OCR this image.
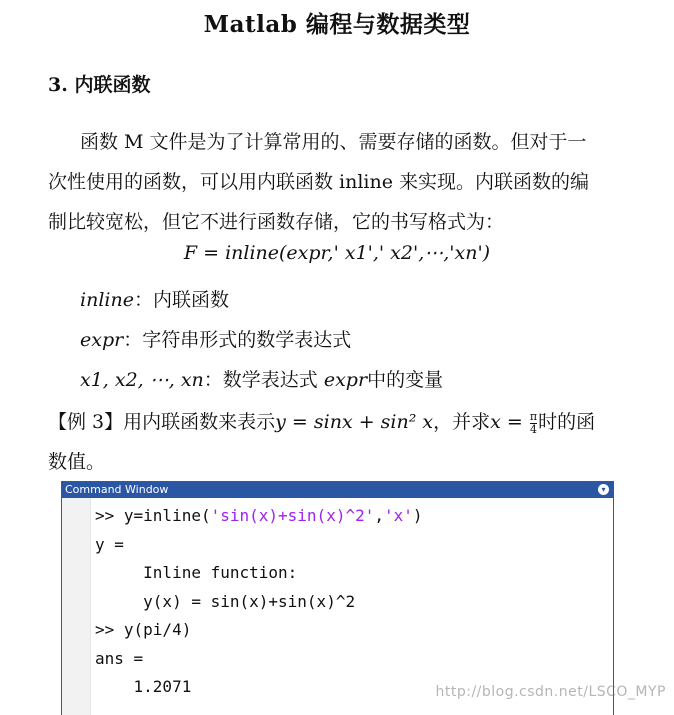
Matlab 编程与数据类型
3. 内联函数
函数 M 文件是为了计算常用的、需要存储的函数。但对于一
次性使用的函数，可以用内联函数 inline 来实现。内联函数的编
制比较宽松，但它不进行函数存储，它的书写格式为：
F = inline(expr,' x1',' x2',⋯,'xn')
inline：内联函数
expr：字符串形式的数学表达式
x1, x2, ⋯, xn：数学表达式 expr中的变量
【例 3】用内联函数来表示y = sinx + sin² x，并求$x = \frac{\pi}{4}$ 时的函
数值。
Command Window	▾
>> y=inline('sin(x)+sin(x)^2','x')
y =
Inline function:
y(x) = sin(x)+sin(x)^2
>> y(pi/4)
ans =
1.2071	http://blog.csdn.net/LSCO_MYP
